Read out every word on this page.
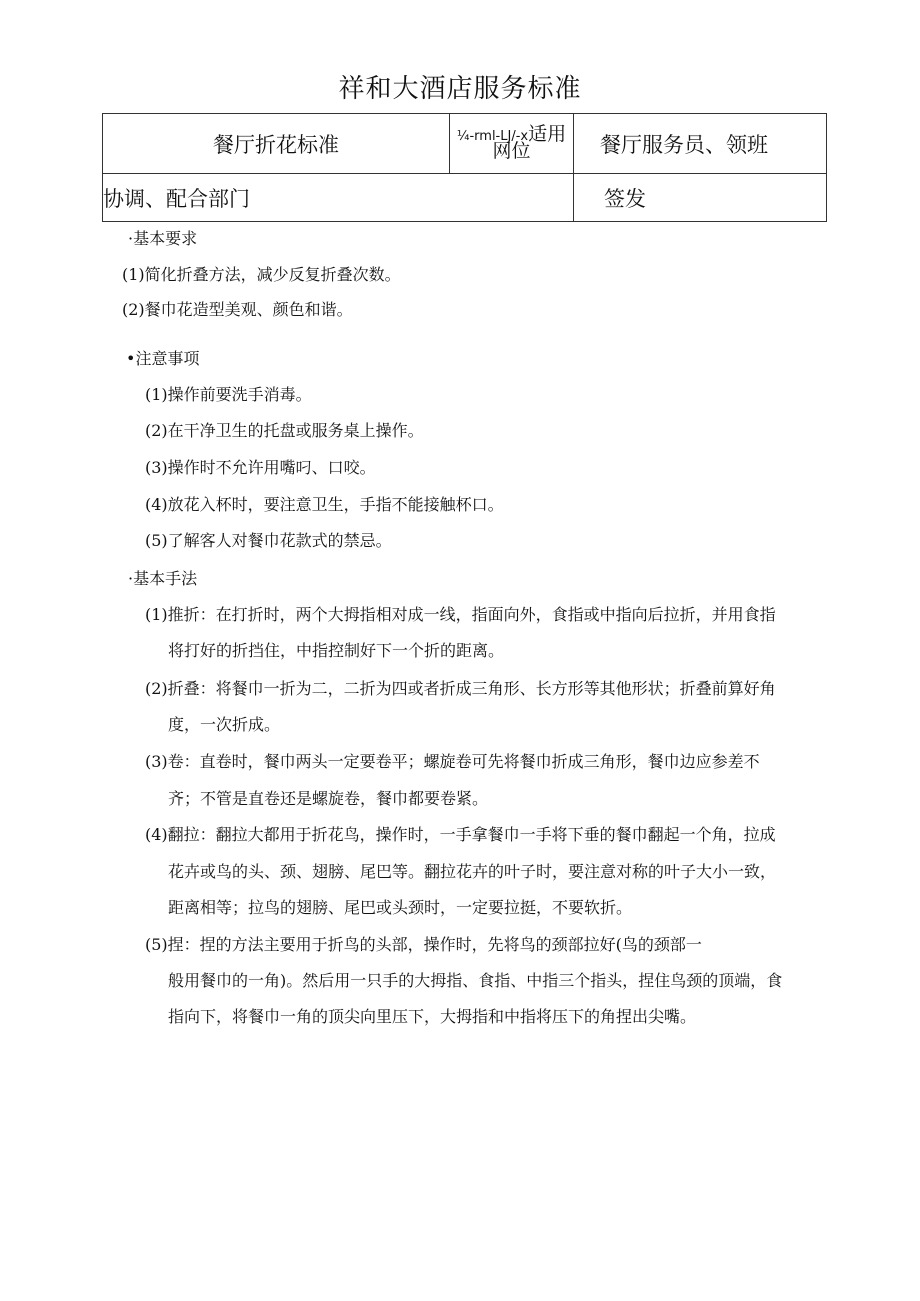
祥和大酒店服务标准
餐厅折花标准	¼-rml-LJ/-x适用网位	餐厅服务员、领班
协调、配合部门		签发
·基本要求
(1)简化折叠方法，减少反复折叠次数。
(2)餐巾花造型美观、颜色和谐。
•注意事项
(1)操作前要洗手消毒。
(2)在干净卫生的托盘或服务桌上操作。
(3)操作时不允许用嘴叼、口咬。
(4)放花入杯时，要注意卫生，手指不能接触杯口。
(5)了解客人对餐巾花款式的禁忌。
·基本手法
(1)推折：在打折时，两个大拇指相对成一线，指面向外，食指或中指向后拉折，并用食指
将打好的折挡住，中指控制好下一个折的距离。
(2)折叠：将餐巾一折为二，二折为四或者折成三角形、长方形等其他形状；折叠前算好角
度，一次折成。
(3)卷：直卷时，餐巾两头一定要卷平；螺旋卷可先将餐巾折成三角形，餐巾边应参差不
齐；不管是直卷还是螺旋卷，餐巾都要卷紧。
(4)翻拉：翻拉大都用于折花鸟，操作时，一手拿餐巾一手将下垂的餐巾翻起一个角，拉成
花卉或鸟的头、颈、翅膀、尾巴等。翻拉花卉的叶子时，要注意对称的叶子大小一致，
距离相等；拉鸟的翅膀、尾巴或头颈时，一定要拉挺，不要软折。
(5)捏：捏的方法主要用于折鸟的头部，操作时，先将鸟的颈部拉好(鸟的颈部一
般用餐巾的一角)。然后用一只手的大拇指、食指、中指三个指头，捏住鸟颈的顶端，食
指向下，将餐巾一角的顶尖向里压下，大拇指和中指将压下的角捏出尖嘴。
